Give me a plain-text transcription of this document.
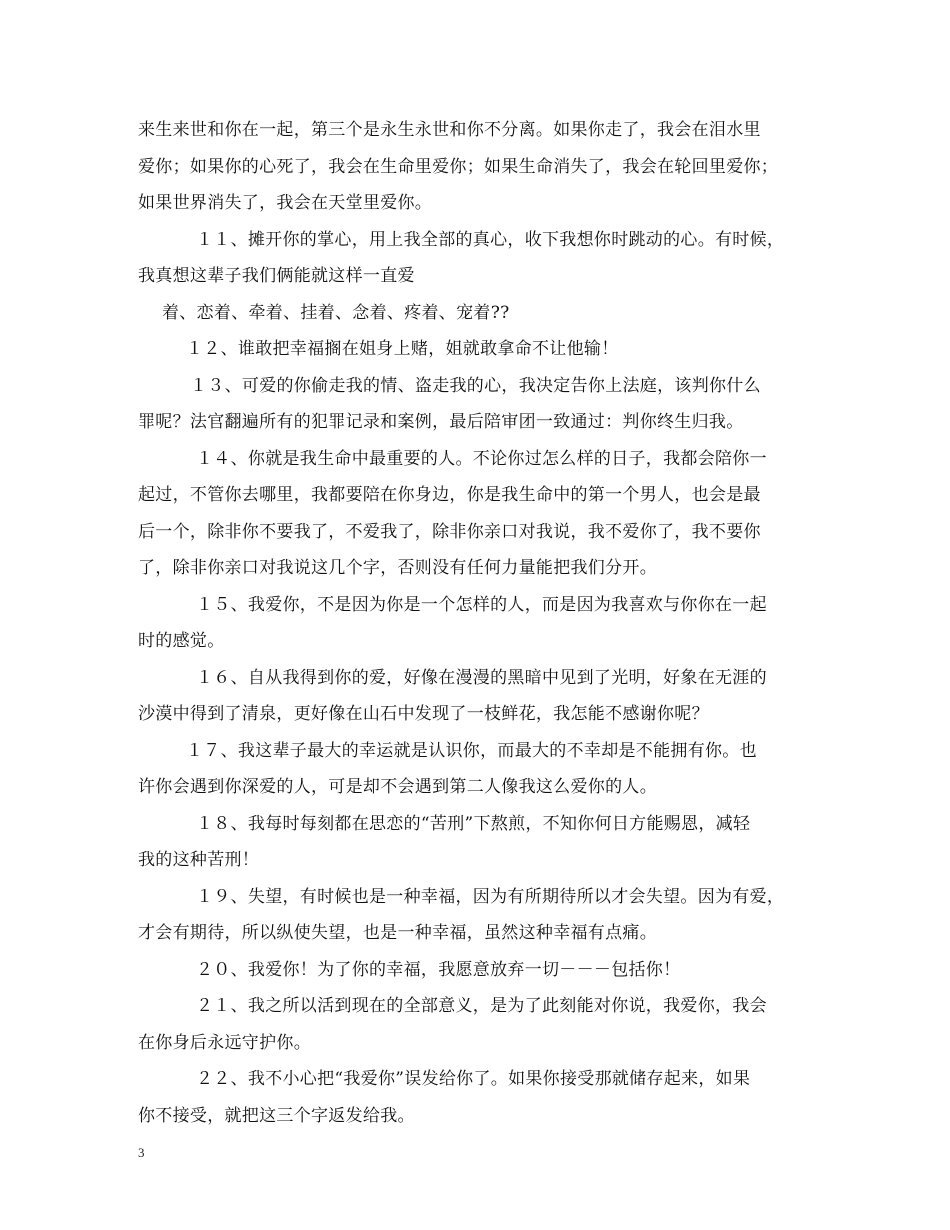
来生来世和你在一起，第三个是永生永世和你不分离。如果你走了，我会在泪水里
爱你；如果你的心死了，我会在生命里爱你；如果生命消失了，我会在轮回里爱你；
如果世界消失了，我会在天堂里爱你。
１１、摊开你的掌心，用上我全部的真心，收下我想你时跳动的心。有时候，
我真想这辈子我们俩能就这样一直爱
着、恋着、牵着、挂着、念着、疼着、宠着??
１２、谁敢把幸福搁在姐身上赌，姐就敢拿命不让他输！
１３、可爱的你偷走我的情、盗走我的心，我决定告你上法庭，该判你什么
罪呢？法官翻遍所有的犯罪记录和案例，最后陪审团一致通过：判你终生归我。
１４、你就是我生命中最重要的人。不论你过怎么样的日子，我都会陪你一
起过，不管你去哪里，我都要陪在你身边，你是我生命中的第一个男人，也会是最
后一个，除非你不要我了，不爱我了，除非你亲口对我说，我不爱你了，我不要你
了，除非你亲口对我说这几个字，否则没有任何力量能把我们分开。
１５、我爱你，不是因为你是一个怎样的人，而是因为我喜欢与你你在一起
时的感觉。
１６、自从我得到你的爱，好像在漫漫的黑暗中见到了光明，好象在无涯的
沙漠中得到了清泉，更好像在山石中发现了一枝鲜花，我怎能不感谢你呢？
１７、我这辈子最大的幸运就是认识你，而最大的不幸却是不能拥有你。也
许你会遇到你深爱的人，可是却不会遇到第二人像我这么爱你的人。
１８、我每时每刻都在思恋的“苦刑”下熬煎，不知你何日方能赐恩，减轻
我的这种苦刑！
１９、失望，有时候也是一种幸福，因为有所期待所以才会失望。因为有爱，
才会有期待，所以纵使失望，也是一种幸福，虽然这种幸福有点痛。
２０、我爱你！为了你的幸福，我愿意放弃一切－－－包括你！
２１、我之所以活到现在的全部意义，是为了此刻能对你说，我爱你，我会
在你身后永远守护你。
２２、我不小心把“我爱你”误发给你了。如果你接受那就储存起来，如果
你不接受，就把这三个字返发给我。
3
